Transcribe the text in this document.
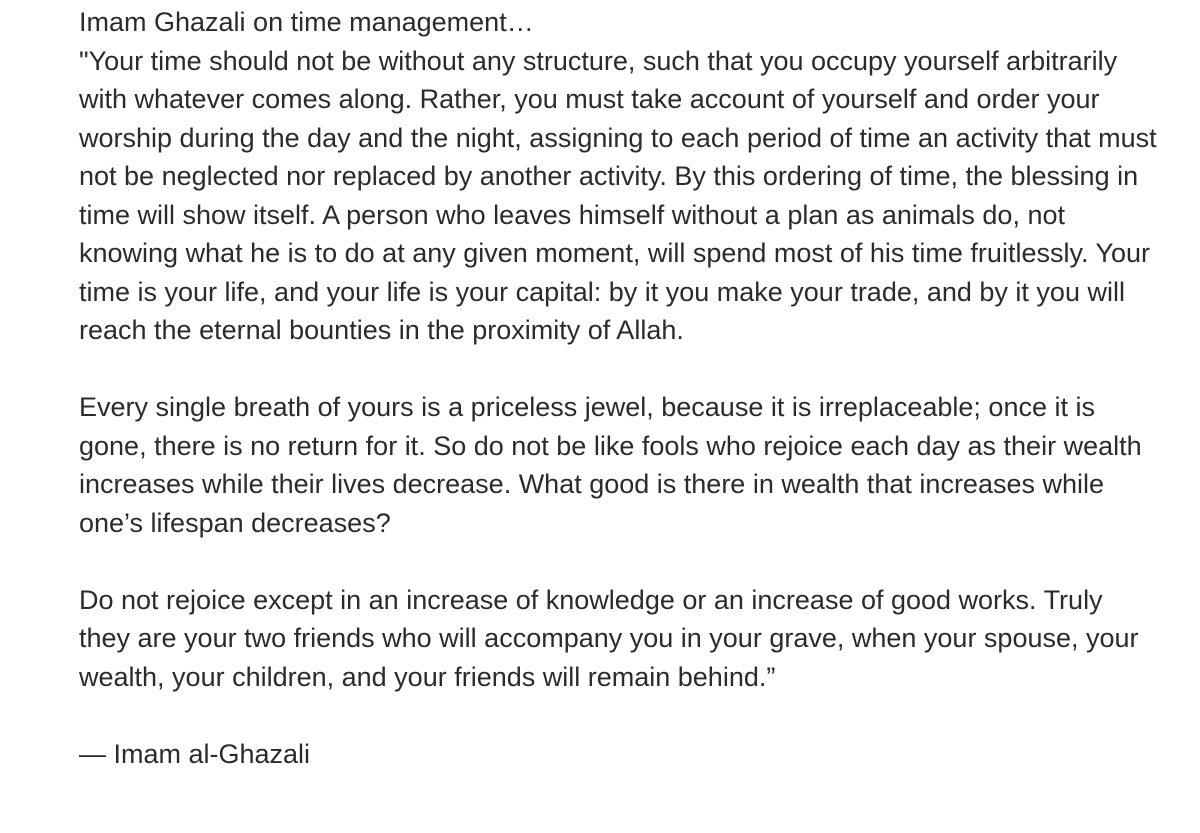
Imam Ghazali on time management…

"Your time should not be without any structure, such that you occupy yourself arbitrarily with whatever comes along. Rather, you must take account of yourself and order your worship during the day and the night, assigning to each period of time an activity that must not be neglected nor replaced by another activity. By this ordering of time, the blessing in time will show itself. A person who leaves himself without a plan as animals do, not knowing what he is to do at any given moment, will spend most of his time fruitlessly. Your time is your life, and your life is your capital: by it you make your trade, and by it you will reach the eternal bounties in the proximity of Allah.

Every single breath of yours is a priceless jewel, because it is irreplaceable; once it is gone, there is no return for it. So do not be like fools who rejoice each day as their wealth increases while their lives decrease. What good is there in wealth that increases while one’s lifespan decreases?

Do not rejoice except in an increase of knowledge or an increase of good works. Truly they are your two friends who will accompany you in your grave, when your spouse, your wealth, your children, and your friends will remain behind.”

— Imam al-Ghazali
